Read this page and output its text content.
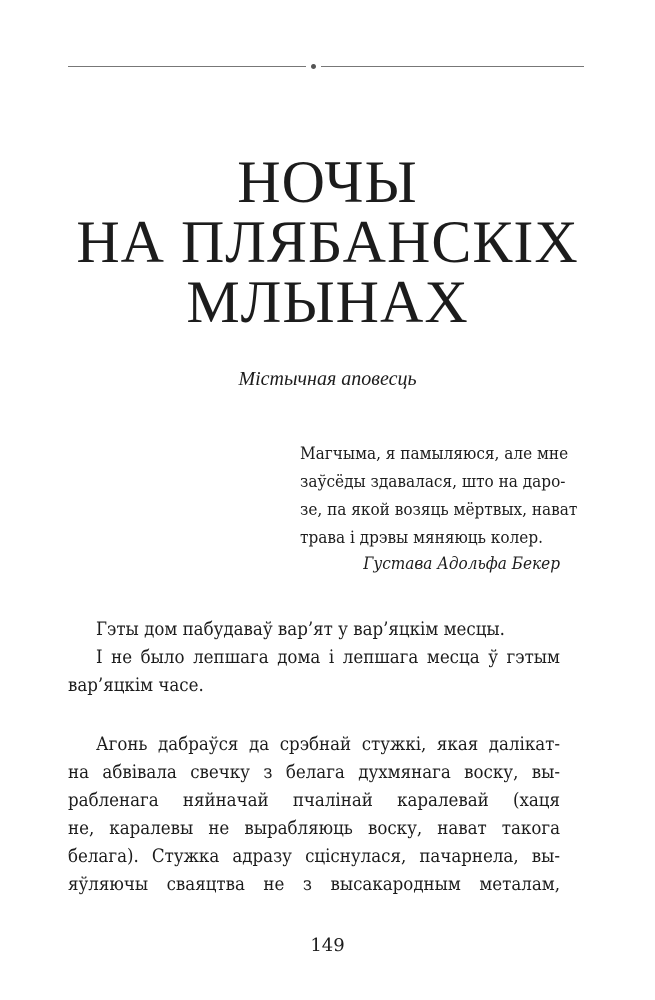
НОЧЫ
НА ПЛЯБАНСКІХ
МЛЫНАХ
Містычная аповесць
Магчыма, я памыляюся, але мне
заўсёды здавалася, што на даро-
зе, па якой возяць мёртвых, нават
трава і дрэвы мяняюць колер.
Густава Адольфа Бекер
Гэты дом пабудаваў вар’ят у вар’яцкім месцы.
І не было лепшага дома і лепшага месца ў гэтым
вар’яцкім часе.
Агонь дабраўся да срэбнай стужкі, якая далікат-
на абвівала свечку з белага духмянага воску, вы-
рабленага няйначай пчалінай каралевай (хаця
не, каралевы не вырабляюць воску, нават такога
белага). Стужка адразу сціснулася, пачарнела, вы-
яўляючы сваяцтва не з высакародным металам,
149
